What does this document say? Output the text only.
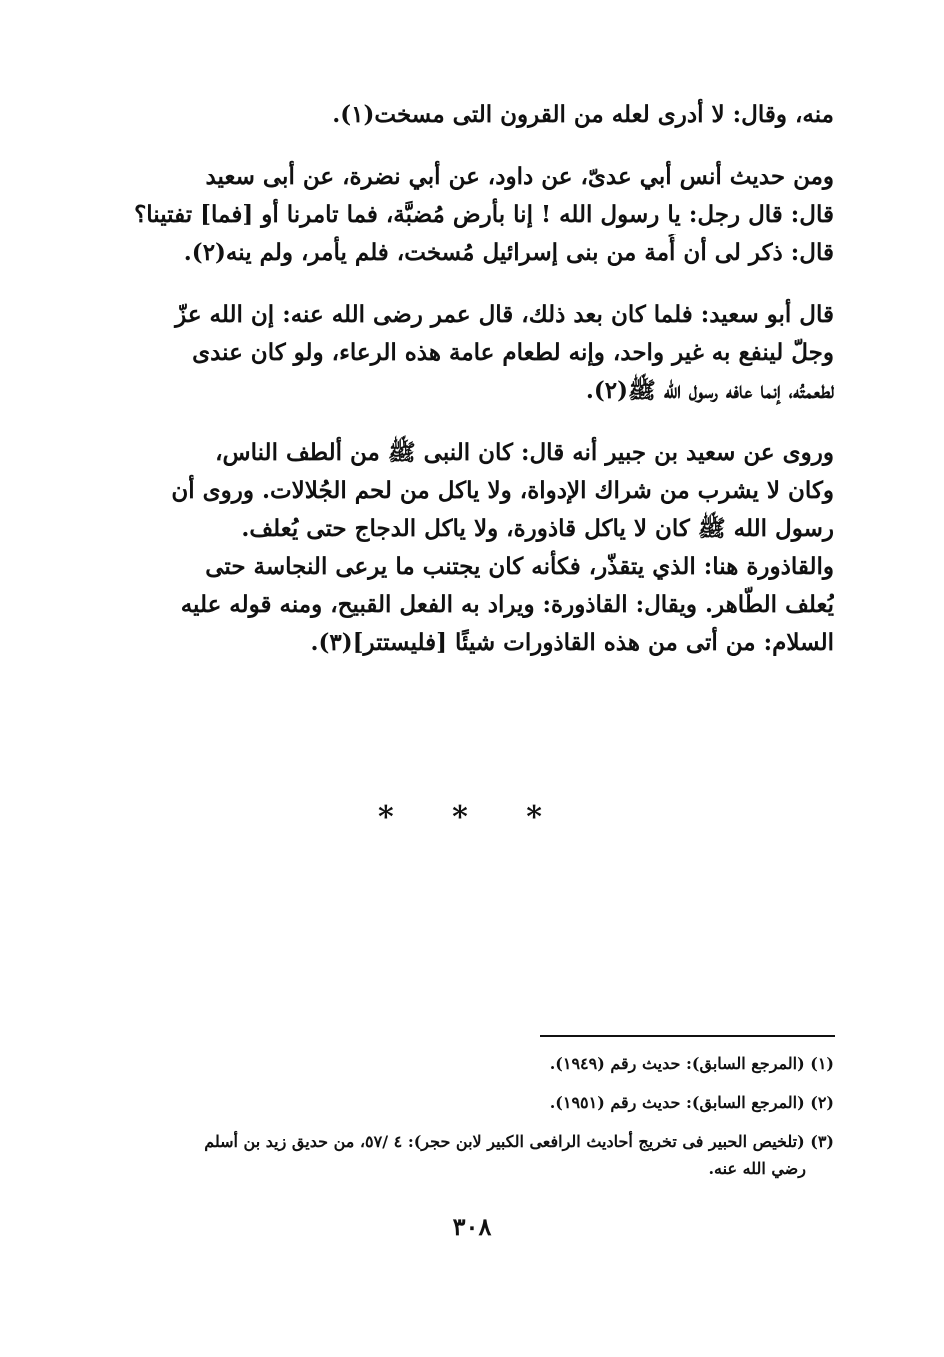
منه، وقال: لا أدرى لعله من القرون التى مسخت(١).

ومن حديث أنس أبي عدىّ، عن داود، عن أبي نضرة، عن أبى سعيد
قال: قال رجل: يا رسول الله ! إنا بأرض مُضبَّة، فما تامرنا أو [فما] تفتينا؟
قال: ذكر لى أن أُمة من بنى إسرائيل مُسخت، فلم يأمر، ولم ينه(٢).

قال أبو سعيد: فلما كان بعد ذلك، قال عمر رضى الله عنه: إن الله عزّ
وجلّ لينفع به غير واحد، وإنه لطعام عامة هذه الرعاء، ولو كان عندى
لطعمتُه، إنما عافه رسول الله ﷺ(٢).

وروى عن سعيد بن جبير أنه قال: كان النبى ﷺ من ألطف الناس،
وكان لا يشرب من شراك الإدواة، ولا ياكل من لحم الجُلالات. وروى أن
رسول الله ﷺ كان لا ياكل قاذورة، ولا ياكل الدجاج حتى يُعلف.
والقاذورة هنا: الذي يتقذّر، فكأنه كان يجتنب ما يرعى النجاسة حتى
يُعلف الطّاهر. ويقال: القاذورة: ويراد به الفعل القبيح، ومنه قوله عليه
السلام: من أتى من هذه القاذورات شيئًا [فليستتر](٣).

* * *

(١) (المرجع السابق): حديث رقم (١٩٤٩).

(٢) (المرجع السابق): حديث رقم (١٩٥١).

(٣) (تلخيص الحبير فى تخريج أحاديث الرافعى الكبير لابن حجر): ٤ /٥٧، من حديق زيد بن أسلم
رضي الله عنه.

٣٠٨
